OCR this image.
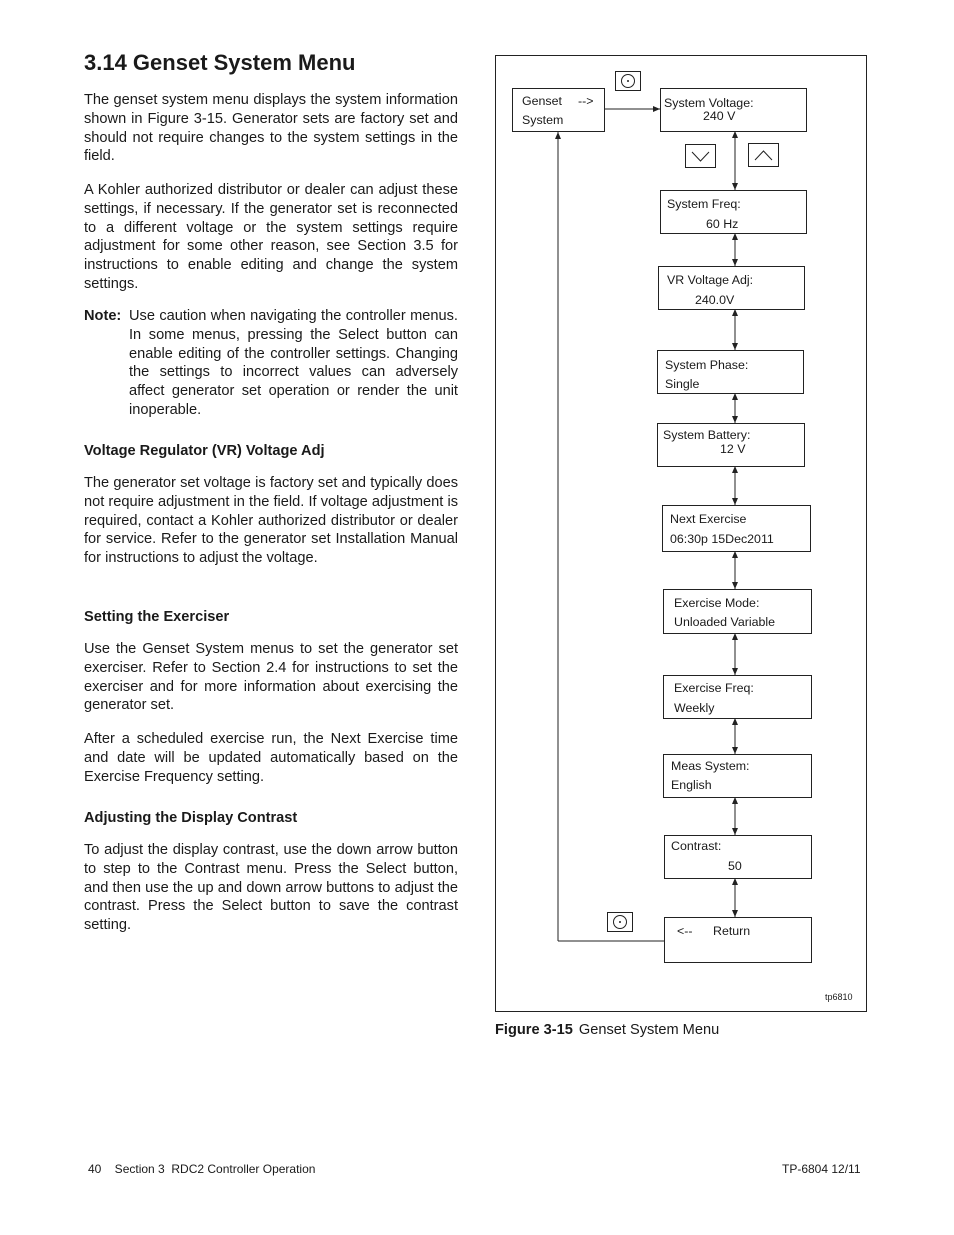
3.14 Genset System Menu

The genset system menu displays the system information shown in Figure 3-15. Generator sets are factory set and should not require changes to the system settings in the field.

A Kohler authorized distributor or dealer can adjust these settings, if necessary. If the generator set is reconnected to a different voltage or the system settings require adjustment for some other reason, see Section 3.5 for instructions to enable editing and change the system settings.

Note: Use caution when navigating the controller menus. In some menus, pressing the Select button can enable editing of the controller settings. Changing the settings to incorrect values can adversely affect generator set operation or render the unit inoperable.
Voltage Regulator (VR) Voltage Adj

The generator set voltage is factory set and typically does not require adjustment in the field. If voltage adjustment is required, contact a Kohler authorized distributor or dealer for service. Refer to the generator set Installation Manual for instructions to adjust the voltage.

Setting the Exerciser

Use the Genset System menus to set the generator set exerciser. Refer to Section 2.4 for instructions to set the exerciser and for more information about exercising the generator set.

After a scheduled exercise run, the Next Exercise time and date will be updated automatically based on the Exercise Frequency setting.

Adjusting the Display Contrast

To adjust the display contrast, use the down arrow button to step to the Contrast menu. Press the Select button, and then use the up and down arrow buttons to adjust the contrast. Press the Select button to save the contrast setting.

Genset -->
System
System Voltage:
240 V
System Freq:
60 Hz
VR Voltage Adj:
240.0V
System Phase:
Single
System Battery:
12 V
Next Exercise
06:30p 15Dec2011
Exercise Mode:
Unloaded Variable
Exercise Freq:
Weekly
Meas System:
English
Contrast:
50
<-- Return
tp6810
Figure 3-15 Genset System Menu
40    Section 3  RDC2 Controller Operation	TP-6804 12/11
